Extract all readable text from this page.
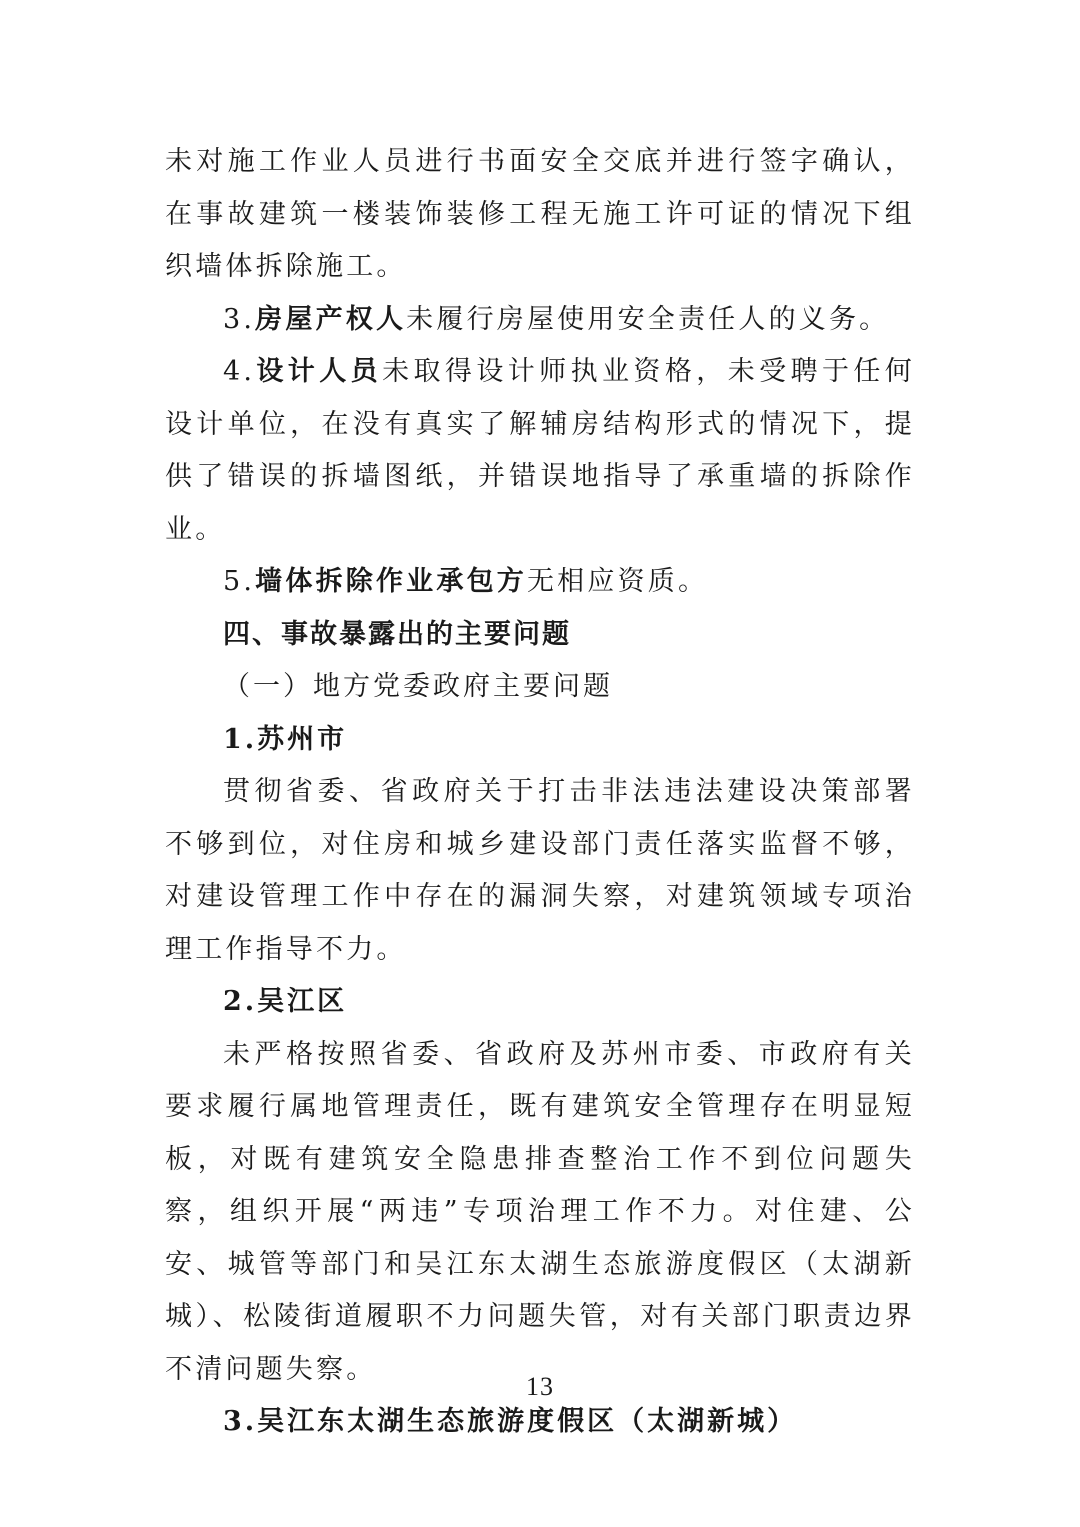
未对施工作业人员进行书面安全交底并进行签字确认，在事故建筑一楼装饰装修工程无施工许可证的情况下组织墙体拆除施工。

3.房屋产权人未履行房屋使用安全责任人的义务。

4.设计人员未取得设计师执业资格，未受聘于任何设计单位，在没有真实了解辅房结构形式的情况下，提供了错误的拆墙图纸，并错误地指导了承重墙的拆除作业。

5.墙体拆除作业承包方无相应资质。

四、事故暴露出的主要问题

（一）地方党委政府主要问题

1.苏州市

贯彻省委、省政府关于打击非法违法建设决策部署不够到位，对住房和城乡建设部门责任落实监督不够，对建设管理工作中存在的漏洞失察，对建筑领域专项治理工作指导不力。

2.吴江区

未严格按照省委、省政府及苏州市委、市政府有关要求履行属地管理责任，既有建筑安全管理存在明显短板，对既有建筑安全隐患排查整治工作不到位问题失察，组织开展“两违”专项治理工作不力。对住建、公安、城管等部门和吴江东太湖生态旅游度假区（太湖新城）、松陵街道履职不力问题失管，对有关部门职责边界不清问题失察。

3.吴江东太湖生态旅游度假区（太湖新城）

13
